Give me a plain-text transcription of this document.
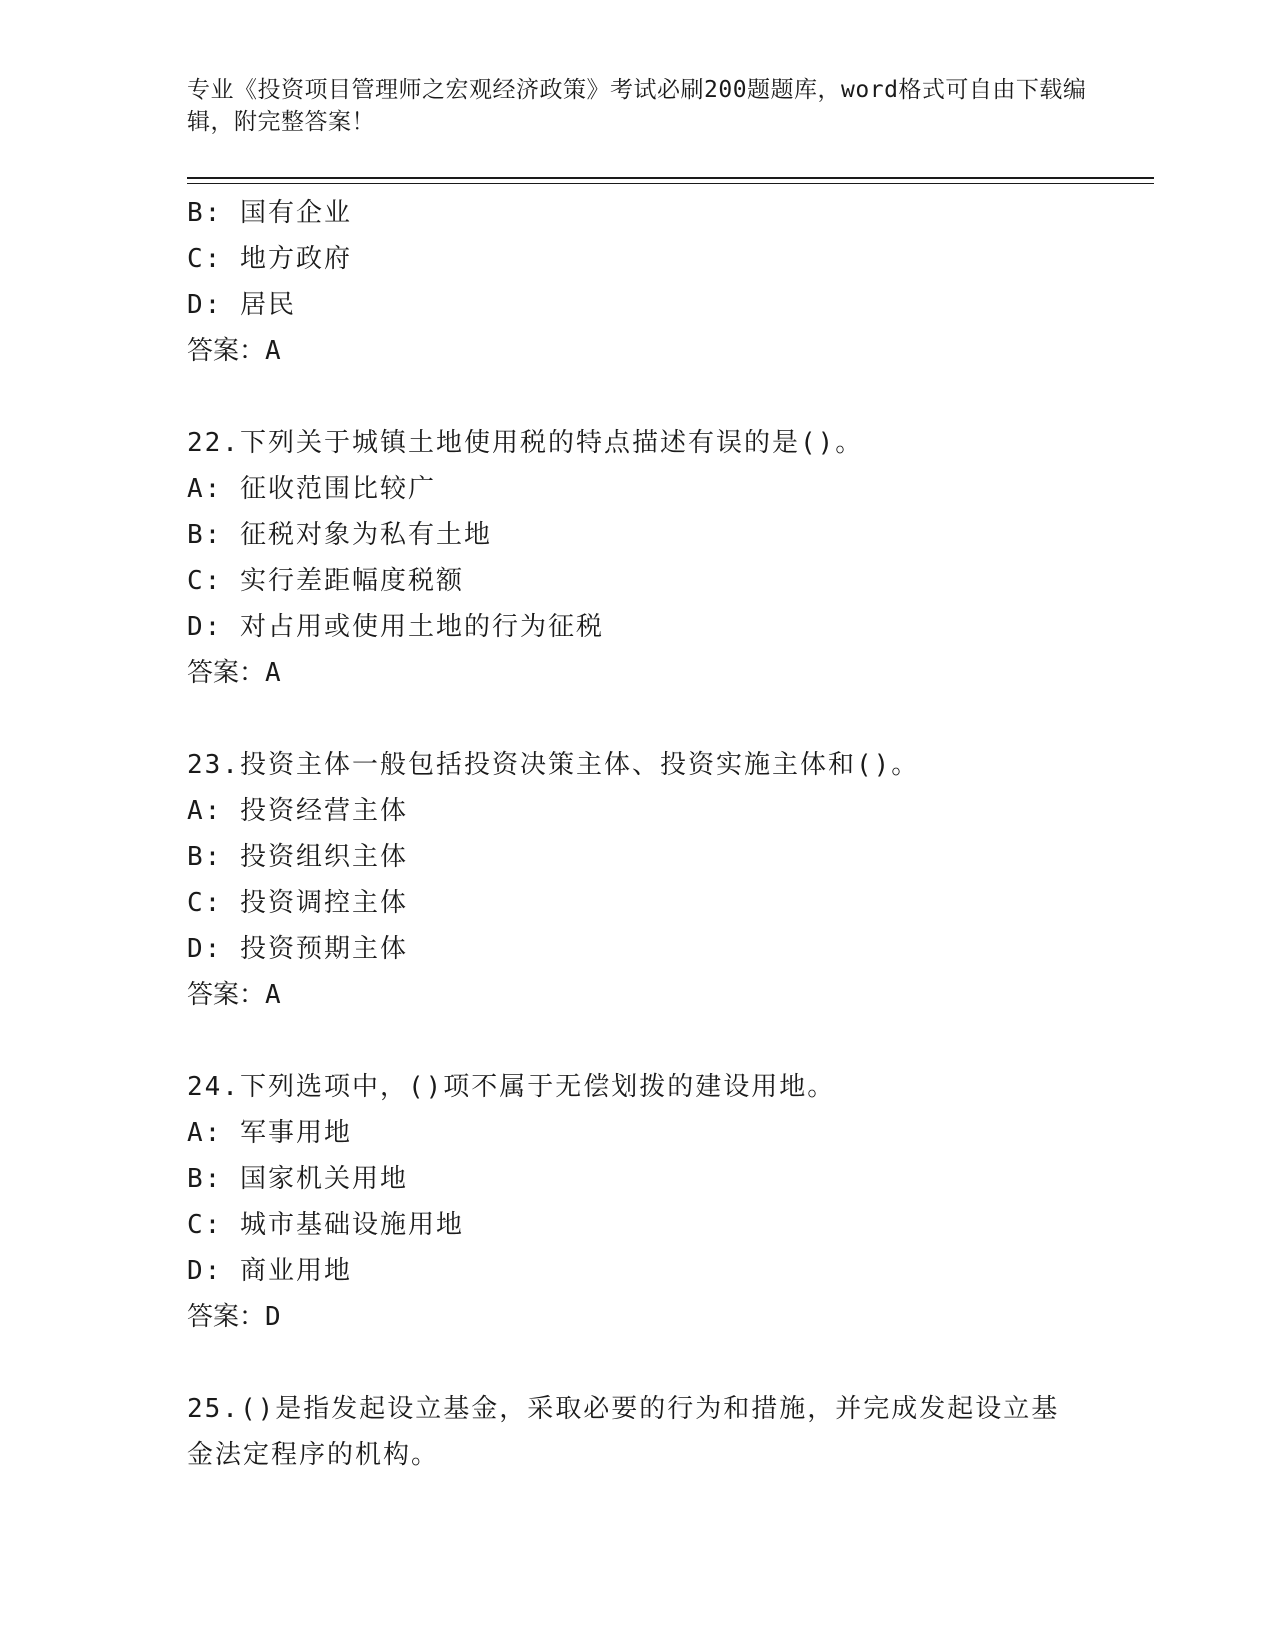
专业《投资项目管理师之宏观经济政策》考试必刷200题题库，word格式可自由下载编辑，附完整答案！
B: 国有企业
C: 地方政府
D: 居民
答案：A
22.下列关于城镇土地使用税的特点描述有误的是()。
A: 征收范围比较广
B: 征税对象为私有土地
C: 实行差距幅度税额
D: 对占用或使用土地的行为征税
答案：A
23.投资主体一般包括投资决策主体、投资实施主体和()。
A: 投资经营主体
B: 投资组织主体
C: 投资调控主体
D: 投资预期主体
答案：A
24.下列选项中，()项不属于无偿划拨的建设用地。
A: 军事用地
B: 国家机关用地
C: 城市基础设施用地
D: 商业用地
答案：D
25.()是指发起设立基金，采取必要的行为和措施，并完成发起设立基金法定程序的机构。
